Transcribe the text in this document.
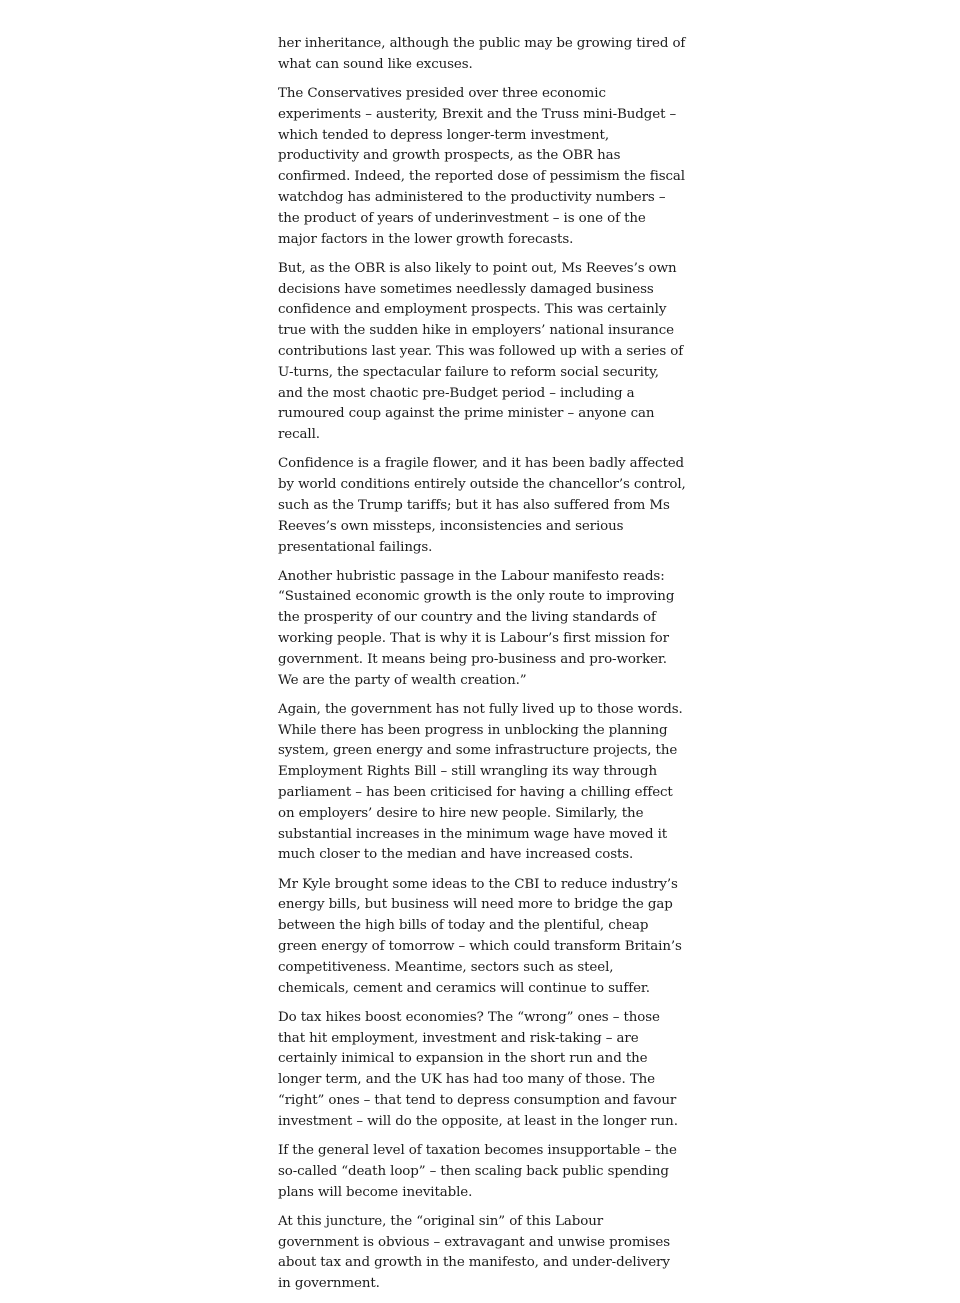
her inheritance, although the public may be growing tired of what can sound like excuses.

The Conservatives presided over three economic experiments – austerity, Brexit and the Truss mini-Budget – which tended to depress longer-term investment, productivity and growth prospects, as the OBR has confirmed. Indeed, the reported dose of pessimism the fiscal watchdog has administered to the productivity numbers – the product of years of underinvestment – is one of the major factors in the lower growth forecasts.

But, as the OBR is also likely to point out, Ms Reeves’s own decisions have sometimes needlessly damaged business confidence and employment prospects. This was certainly true with the sudden hike in employers’ national insurance contributions last year. This was followed up with a series of U-turns, the spectacular failure to reform social security, and the most chaotic pre-Budget period – including a rumoured coup against the prime minister – anyone can recall.

Confidence is a fragile flower, and it has been badly affected by world conditions entirely outside the chancellor’s control, such as the Trump tariffs; but it has also suffered from Ms Reeves’s own missteps, inconsistencies and serious presentational failings.

Another hubristic passage in the Labour manifesto reads: “Sustained economic growth is the only route to improving the prosperity of our country and the living standards of working people. That is why it is Labour’s first mission for government. It means being pro-business and pro-worker. We are the party of wealth creation.”

Again, the government has not fully lived up to those words. While there has been progress in unblocking the planning system, green energy and some infrastructure projects, the Employment Rights Bill – still wrangling its way through parliament – has been criticised for having a chilling effect on employers’ desire to hire new people. Similarly, the substantial increases in the minimum wage have moved it much closer to the median and have increased costs.

Mr Kyle brought some ideas to the CBI to reduce industry’s energy bills, but business will need more to bridge the gap between the high bills of today and the plentiful, cheap green energy of tomorrow – which could transform Britain’s competitiveness. Meantime, sectors such as steel, chemicals, cement and ceramics will continue to suffer.

Do tax hikes boost economies? The “wrong” ones – those that hit employment, investment and risk-taking – are certainly inimical to expansion in the short run and the longer term, and the UK has had too many of those. The “right” ones – that tend to depress consumption and favour investment – will do the opposite, at least in the longer run.

If the general level of taxation becomes insupportable – the so-called “death loop” – then scaling back public spending plans will become inevitable.

At this juncture, the “original sin” of this Labour government is obvious – extravagant and unwise promises about tax and growth in the manifesto, and under-delivery in government.
